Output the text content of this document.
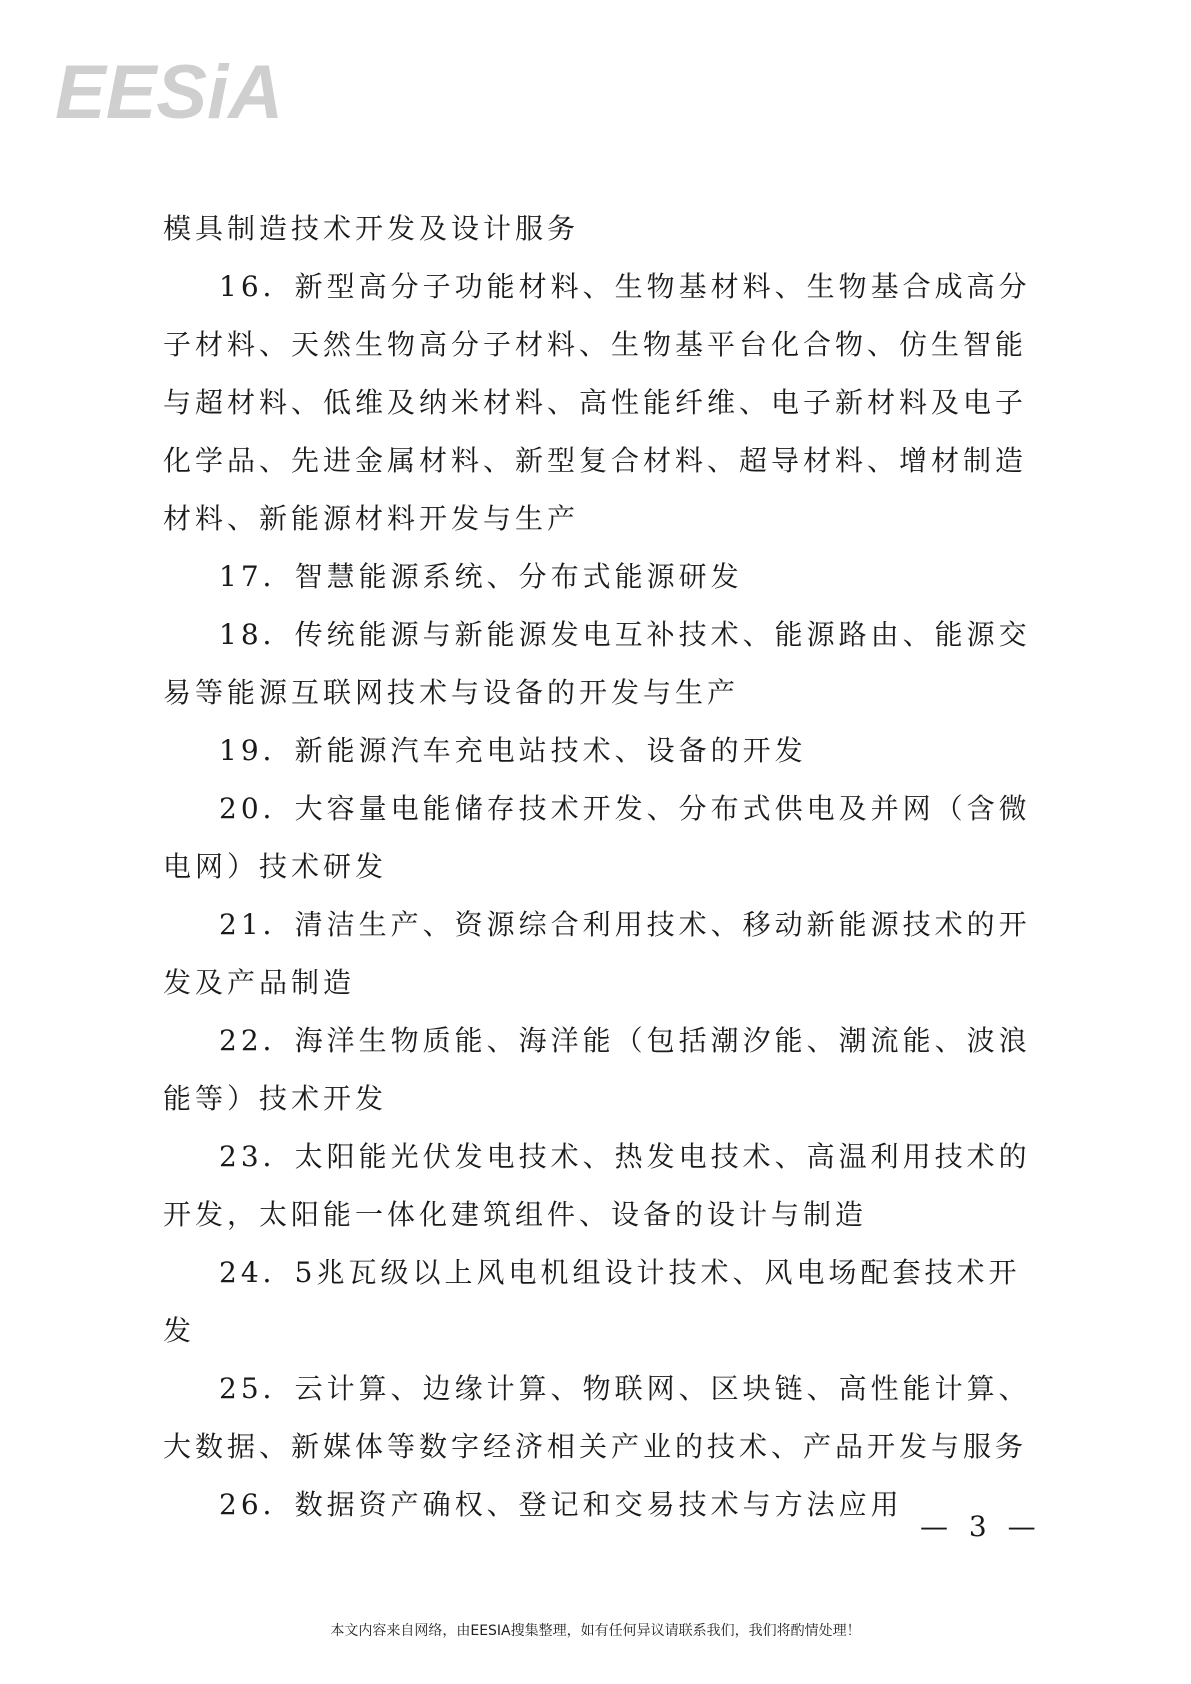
EESiA

模具制造技术开发及设计服务

16．新型高分子功能材料、生物基材料、生物基合成高分子材料、天然生物高分子材料、生物基平台化合物、仿生智能与超材料、低维及纳米材料、高性能纤维、电子新材料及电子化学品、先进金属材料、新型复合材料、超导材料、增材制造材料、新能源材料开发与生产

17．智慧能源系统、分布式能源研发

18．传统能源与新能源发电互补技术、能源路由、能源交易等能源互联网技术与设备的开发与生产

19．新能源汽车充电站技术、设备的开发

20．大容量电能储存技术开发、分布式供电及并网（含微电网）技术研发

21．清洁生产、资源综合利用技术、移动新能源技术的开发及产品制造

22．海洋生物质能、海洋能（包括潮汐能、潮流能、波浪能等）技术开发

23．太阳能光伏发电技术、热发电技术、高温利用技术的开发，太阳能一体化建筑组件、设备的设计与制造

24．5兆瓦级以上风电机组设计技术、风电场配套技术开发

25．云计算、边缘计算、物联网、区块链、高性能计算、大数据、新媒体等数字经济相关产业的技术、产品开发与服务

26．数据资产确权、登记和交易技术与方法应用

— 3 —
本文内容来自网络，由EESIA搜集整理，如有任何异议请联系我们，我们将酌情处理！
